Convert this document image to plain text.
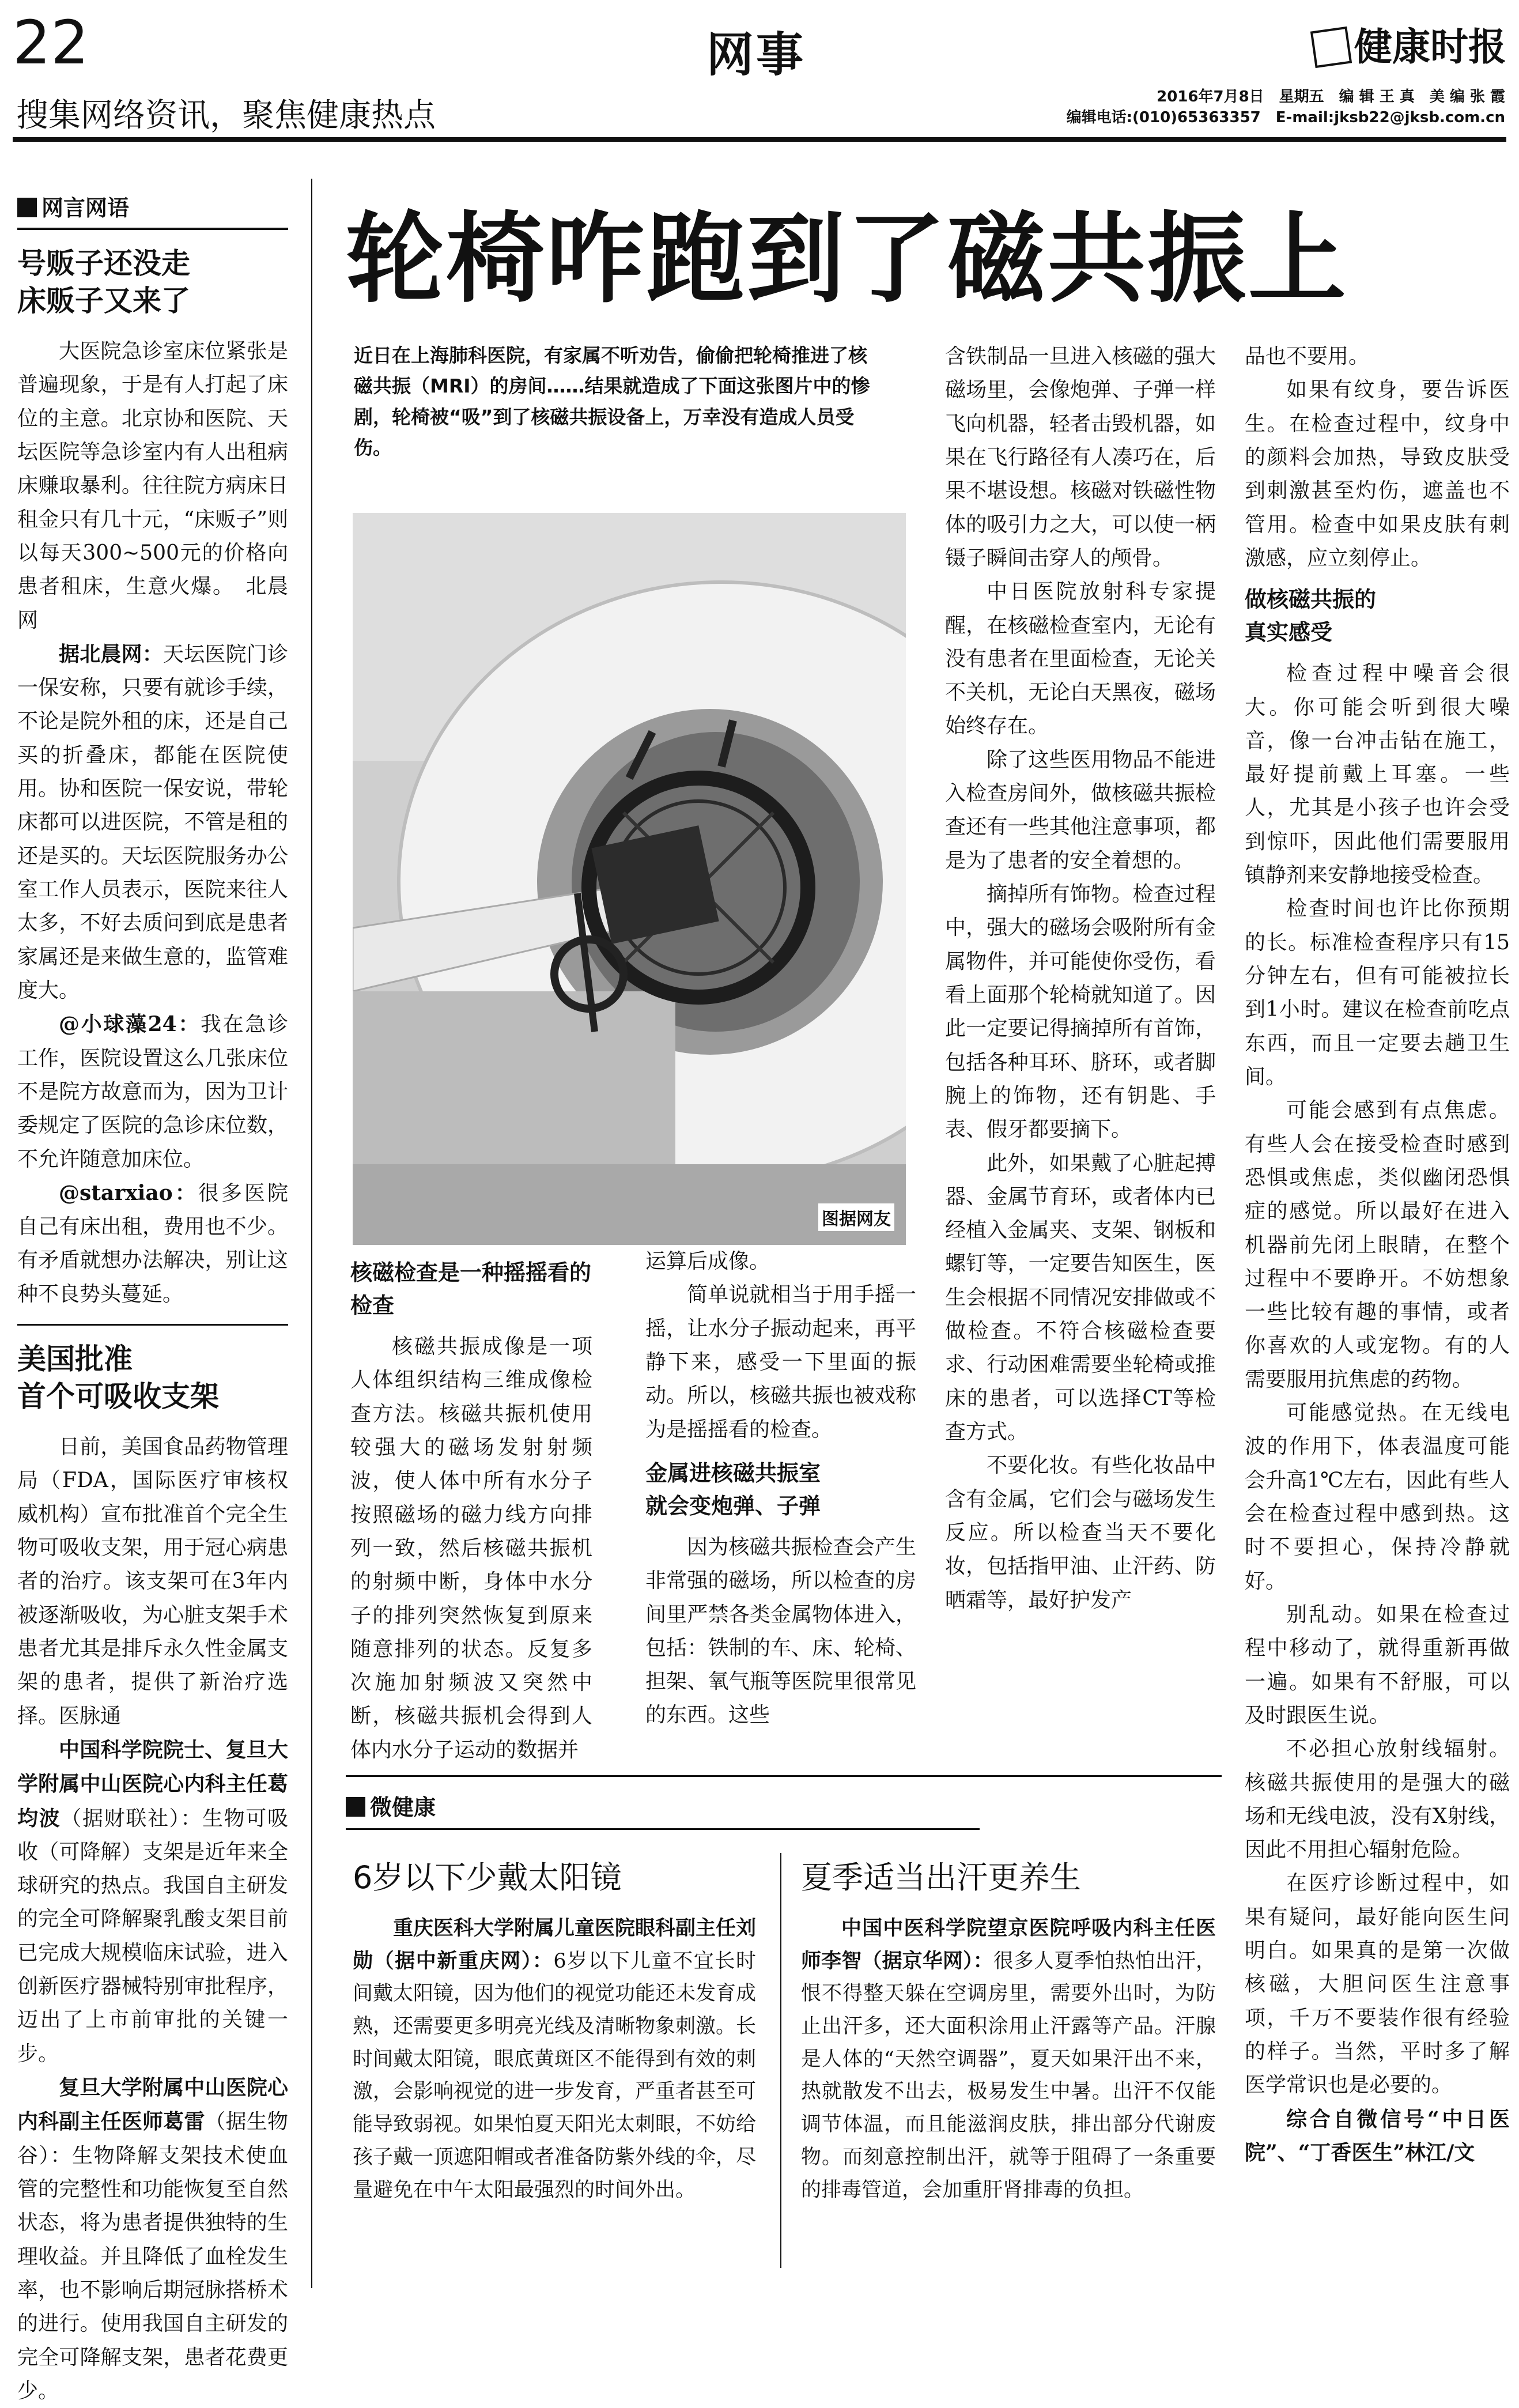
22	网事	健康时报
搜集网络资讯，聚焦健康热点	2016年7月8日　星期五　编 辑 王 真　美 编 张 霞
编辑电话:(010)65363357　E-mail:jksb22@jksb.com.cn
网言网语
号贩子还没走
床贩子又来了

大医院急诊室床位紧张是普遍现象，于是有人打起了床位的主意。北京协和医院、天坛医院等急诊室内有人出租病床赚取暴利。往往院方病床日租金只有几十元，“床贩子”则以每天300~500元的价格向患者租床，生意火爆。　北晨网

据北晨网：天坛医院门诊一保安称，只要有就诊手续，不论是院外租的床，还是自己买的折叠床，都能在医院使用。协和医院一保安说，带轮床都可以进医院，不管是租的还是买的。天坛医院服务办公室工作人员表示，医院来往人太多，不好去质问到底是患者家属还是来做生意的，监管难度大。

@小球藻24：我在急诊工作，医院设置这么几张床位不是院方故意而为，因为卫计委规定了医院的急诊床位数，不允许随意加床位。

@starxiao：很多医院自己有床出租，费用也不少。有矛盾就想办法解决，别让这种不良势头蔓延。

美国批准
首个可吸收支架

日前，美国食品药物管理局（FDA，国际医疗审核权威机构）宣布批准首个完全生物可吸收支架，用于冠心病患者的治疗。该支架可在3年内被逐渐吸收，为心脏支架手术患者尤其是排斥永久性金属支架的患者，提供了新治疗选择。医脉通

中国科学院院士、复旦大学附属中山医院心内科主任葛均波（据财联社）：生物可吸收（可降解）支架是近年来全球研究的热点。我国自主研发的完全可降解聚乳酸支架目前已完成大规模临床试验，进入创新医疗器械特别审批程序，迈出了上市前审批的关键一步。

复旦大学附属中山医院心内科副主任医师葛雷（据生物谷）：生物降解支架技术使血管的完整性和功能恢复至自然状态，将为患者提供独特的生理收益。并且降低了血栓发生率，也不影响后期冠脉搭桥术的进行。使用我国自主研发的完全可降解支架，患者花费更少。

轮椅咋跑到了磁共振上
近日在上海肺科医院，有家属不听劝告，偷偷把轮椅推进了核磁共振（MRI）的房间……结果就造成了下面这张图片中的惨剧，轮椅被“吸”到了核磁共振设备上，万幸没有造成人员受伤。
图据网友
核磁检查是一种摇摇看的检查

核磁共振成像是一项人体组织结构三维成像检查方法。核磁共振机使用较强大的磁场发射射频波，使人体中所有水分子按照磁场的磁力线方向排列一致，然后核磁共振机的射频中断，身体中水分子的排列突然恢复到原来随意排列的状态。反复多次施加射频波又突然中断，核磁共振机会得到人体内水分子运动的数据并

运算后成像。

简单说就相当于用手摇一摇，让水分子振动起来，再平静下来，感受一下里面的振动。所以，核磁共振也被戏称为是摇摇看的检查。

金属进核磁共振室
就会变炮弹、子弹

因为核磁共振检查会产生非常强的磁场，所以检查的房间里严禁各类金属物体进入，包括：铁制的车、床、轮椅、担架、氧气瓶等医院里很常见的东西。这些

含铁制品一旦进入核磁的强大磁场里，会像炮弹、子弹一样飞向机器，轻者击毁机器，如果在飞行路径有人凑巧在，后果不堪设想。核磁对铁磁性物体的吸引力之大，可以使一柄镊子瞬间击穿人的颅骨。

中日医院放射科专家提醒，在核磁检查室内，无论有没有患者在里面检查，无论关不关机，无论白天黑夜，磁场始终存在。

除了这些医用物品不能进入检查房间外，做核磁共振检查还有一些其他注意事项，都是为了患者的安全着想的。

摘掉所有饰物。检查过程中，强大的磁场会吸附所有金属物件，并可能使你受伤，看看上面那个轮椅就知道了。因此一定要记得摘掉所有首饰，包括各种耳环、脐环，或者脚腕上的饰物，还有钥匙、手表、假牙都要摘下。

此外，如果戴了心脏起搏器、金属节育环，或者体内已经植入金属夹、支架、钢板和螺钉等，一定要告知医生，医生会根据不同情况安排做或不做检查。不符合核磁检查要求、行动困难需要坐轮椅或推床的患者，可以选择CT等检查方式。

不要化妆。有些化妆品中含有金属，它们会与磁场发生反应。所以检查当天不要化妆，包括指甲油、止汗药、防晒霜等，最好护发产

品也不要用。

如果有纹身，要告诉医生。在检查过程中，纹身中的颜料会加热，导致皮肤受到刺激甚至灼伤，遮盖也不管用。检查中如果皮肤有刺激感，应立刻停止。

做核磁共振的
真实感受

检查过程中噪音会很大。你可能会听到很大噪音，像一台冲击钻在施工，最好提前戴上耳塞。一些人，尤其是小孩子也许会受到惊吓，因此他们需要服用镇静剂来安静地接受检查。

检查时间也许比你预期的长。标准检查程序只有15分钟左右，但有可能被拉长到1小时。建议在检查前吃点东西，而且一定要去趟卫生间。

可能会感到有点焦虑。有些人会在接受检查时感到恐惧或焦虑，类似幽闭恐惧症的感觉。所以最好在进入机器前先闭上眼睛，在整个过程中不要睁开。不妨想象一些比较有趣的事情，或者你喜欢的人或宠物。有的人需要服用抗焦虑的药物。

可能感觉热。在无线电波的作用下，体表温度可能会升高1℃左右，因此有些人会在检查过程中感到热。这时不要担心，保持冷静就好。

别乱动。如果在检查过程中移动了，就得重新再做一遍。如果有不舒服，可以及时跟医生说。

不必担心放射线辐射。核磁共振使用的是强大的磁场和无线电波，没有X射线，因此不用担心辐射危险。

在医疗诊断过程中，如果有疑问，最好能向医生问明白。如果真的是第一次做核磁，大胆问医生注意事项，千万不要装作很有经验的样子。当然，平时多了解医学常识也是必要的。

综合自微信号“中日医院”、“丁香医生”林江/文

微健康
6岁以下少戴太阳镜

重庆医科大学附属儿童医院眼科副主任刘勋（据中新重庆网）：6岁以下儿童不宜长时间戴太阳镜，因为他们的视觉功能还未发育成熟，还需要更多明亮光线及清晰物象刺激。长时间戴太阳镜，眼底黄斑区不能得到有效的刺激，会影响视觉的进一步发育，严重者甚至可能导致弱视。如果怕夏天阳光太刺眼，不妨给孩子戴一顶遮阳帽或者准备防紫外线的伞，尽量避免在中午太阳最强烈的时间外出。

夏季适当出汗更养生

中国中医科学院望京医院呼吸内科主任医师李智（据京华网）：很多人夏季怕热怕出汗，恨不得整天躲在空调房里，需要外出时，为防止出汗多，还大面积涂用止汗露等产品。汗腺是人体的“天然空调器”，夏天如果汗出不来，热就散发不出去，极易发生中暑。出汗不仅能调节体温，而且能滋润皮肤，排出部分代谢废物。而刻意控制出汗，就等于阻碍了一条重要的排毒管道，会加重肝肾排毒的负担。
